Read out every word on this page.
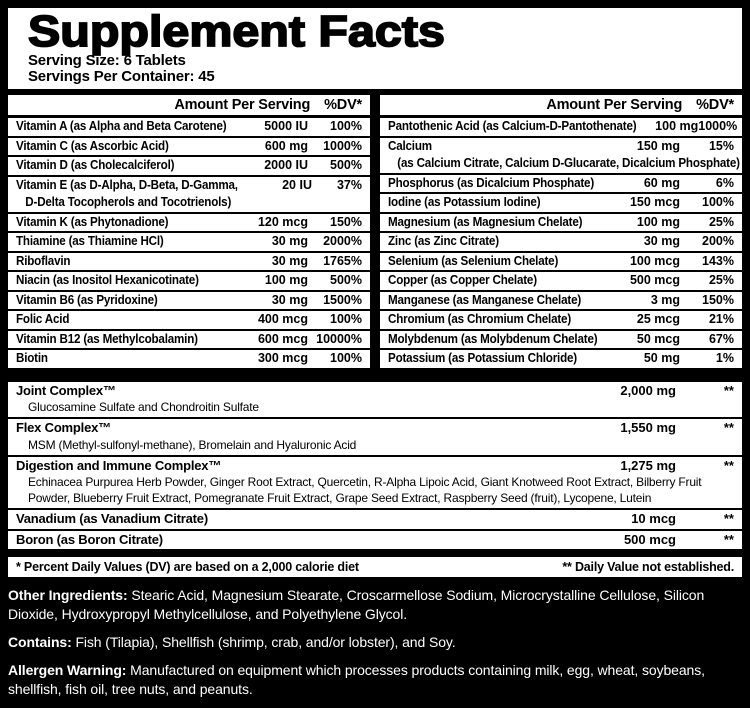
Supplement Facts
Serving Size: 6 Tablets
Servings Per Container: 45
Amount Per Serving %DV*
Vitamin A (as Alpha and Beta Carotene)	5000 IU	100%
Vitamin C (as Ascorbic Acid)	600 mg	1000%
Vitamin D (as Cholecalciferol)	2000 IU	500%
Vitamin E (as D-Alpha, D-Beta, D-Gamma,	20 IU	37%
D-Delta Tocopherols and Tocotrienols)
Vitamin K (as Phytonadione)	120 mcg	150%
Thiamine (as Thiamine HCl)	30 mg	2000%
Riboflavin	30 mg	1765%
Niacin (as Inositol Hexanicotinate)	100 mg	500%
Vitamin B6 (as Pyridoxine)	30 mg	1500%
Folic Acid	400 mcg	100%
Vitamin B12 (as Methylcobalamin)	600 mcg 10000%
Biotin	300 mcg	100%
Amount Per Serving %DV*
Pantothenic Acid (as Calcium-D-Pantothenate) 100 mg 1000%
Calcium	150 mg	15%
(as Calcium Citrate, Calcium D-Glucarate, Dicalcium Phosphate)
Phosphorus (as Dicalcium Phosphate)	60 mg	6%
Iodine (as Potassium Iodine)	150 mcg	100%
Magnesium (as Magnesium Chelate)	100 mg	25%
Zinc (as Zinc Citrate)	30 mg	200%
Selenium (as Selenium Chelate)	100 mcg	143%
Copper (as Copper Chelate)	500 mcg	25%
Manganese (as Manganese Chelate)	3 mg	150%
Chromium (as Chromium Chelate)	25 mcg	21%
Molybdenum (as Molybdenum Chelate)	50 mcg	67%
Potassium (as Potassium Chloride)	50 mg	1%
Joint Complex™	2,000 mg	**
Glucosamine Sulfate and Chondroitin Sulfate
Flex Complex™	1,550 mg	**
MSM (Methyl-sulfonyl-methane), Bromelain and Hyaluronic Acid
Digestion and Immune Complex™	1,275 mg	**
Echinacea Purpurea Herb Powder, Ginger Root Extract, Quercetin, R-Alpha Lipoic Acid, Giant Knotweed Root Extract, Bilberry Fruit Powder, Blueberry Fruit Extract, Pomegranate Fruit Extract, Grape Seed Extract, Raspberry Seed (fruit), Lycopene, Lutein
Vanadium (as Vanadium Citrate)	10 mcg	**
Boron (as Boron Citrate)	500 mcg	**
* Percent Daily Values (DV) are based on a 2,000 calorie diet	** Daily Value not established.
Other Ingredients: Stearic Acid, Magnesium Stearate, Croscarmellose Sodium, Microcrystalline Cellulose, Silicon Dioxide, Hydroxypropyl Methylcellulose, and Polyethylene Glycol.
Contains: Fish (Tilapia), Shellfish (shrimp, crab, and/or lobster), and Soy.
Allergen Warning: Manufactured on equipment which processes products containing milk, egg, wheat, soybeans, shellfish, fish oil, tree nuts, and peanuts.
